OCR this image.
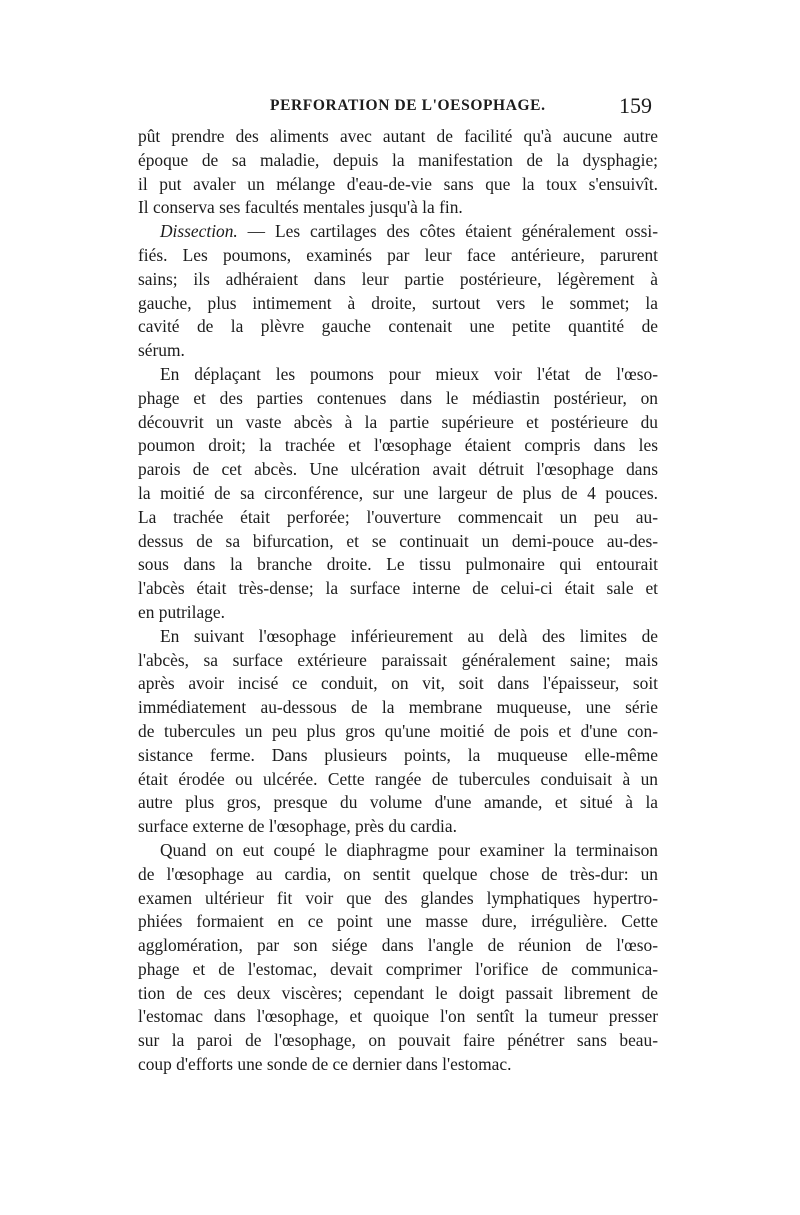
PERFORATION DE L'OESOPHAGE.	159
pût prendre des aliments avec autant de facilité qu'à aucune autre
époque de sa maladie, depuis la manifestation de la dysphagie;
il put avaler un mélange d'eau-de-vie sans que la toux s'ensuivît.
Il conserva ses facultés mentales jusqu'à la fin.
Dissection. — Les cartilages des côtes étaient généralement ossi-
fiés. Les poumons, examinés par leur face antérieure, parurent
sains; ils adhéraient dans leur partie postérieure, légèrement à
gauche, plus intimement à droite, surtout vers le sommet; la
cavité de la plèvre gauche contenait une petite quantité de
sérum.
En déplaçant les poumons pour mieux voir l'état de l'œso-
phage et des parties contenues dans le médiastin postérieur, on
découvrit un vaste abcès à la partie supérieure et postérieure du
poumon droit; la trachée et l'œsophage étaient compris dans les
parois de cet abcès. Une ulcération avait détruit l'œsophage dans
la moitié de sa circonférence, sur une largeur de plus de 4 pouces.
La trachée était perforée; l'ouverture commencait un peu au-
dessus de sa bifurcation, et se continuait un demi-pouce au-des-
sous dans la branche droite. Le tissu pulmonaire qui entourait
l'abcès était très-dense; la surface interne de celui-ci était sale et
en putrilage.
En suivant l'œsophage inférieurement au delà des limites de
l'abcès, sa surface extérieure paraissait généralement saine; mais
après avoir incisé ce conduit, on vit, soit dans l'épaisseur, soit
immédiatement au-dessous de la membrane muqueuse, une série
de tubercules un peu plus gros qu'une moitié de pois et d'une con-
sistance ferme. Dans plusieurs points, la muqueuse elle-même
était érodée ou ulcérée. Cette rangée de tubercules conduisait à un
autre plus gros, presque du volume d'une amande, et situé à la
surface externe de l'œsophage, près du cardia.
Quand on eut coupé le diaphragme pour examiner la terminaison
de l'œsophage au cardia, on sentit quelque chose de très-dur: un
examen ultérieur fit voir que des glandes lymphatiques hypertro-
phiées formaient en ce point une masse dure, irrégulière. Cette
agglomération, par son siége dans l'angle de réunion de l'œso-
phage et de l'estomac, devait comprimer l'orifice de communica-
tion de ces deux viscères; cependant le doigt passait librement de
l'estomac dans l'œsophage, et quoique l'on sentît la tumeur presser
sur la paroi de l'œsophage, on pouvait faire pénétrer sans beau-
coup d'efforts une sonde de ce dernier dans l'estomac.
